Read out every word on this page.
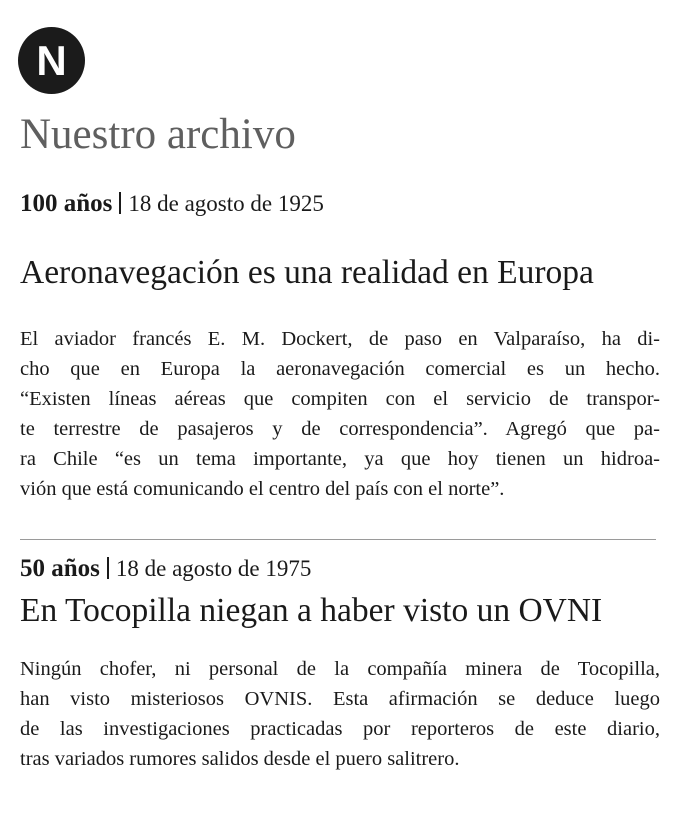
N
Nuestro archivo
100 años 18 de agosto de 1925
Aeronavegación es una realidad en Europa
El aviador francés E. M. Dockert, de paso en Valparaíso, ha di-
cho que en Europa la aeronavegación comercial es un hecho.
“Existen líneas aéreas que compiten con el servicio de transpor-
te terrestre de pasajeros y de correspondencia”. Agregó que pa-
ra Chile “es un tema importante, ya que hoy tienen un hidroa-
vión que está comunicando el centro del país con el norte”.
50 años 18 de agosto de 1975
En Tocopilla niegan a haber visto un OVNI
Ningún chofer, ni personal de la compañía minera de Tocopilla,
han visto misteriosos OVNIS. Esta afirmación se deduce luego
de las investigaciones practicadas por reporteros de este diario,
tras variados rumores salidos desde el puero salitrero.
